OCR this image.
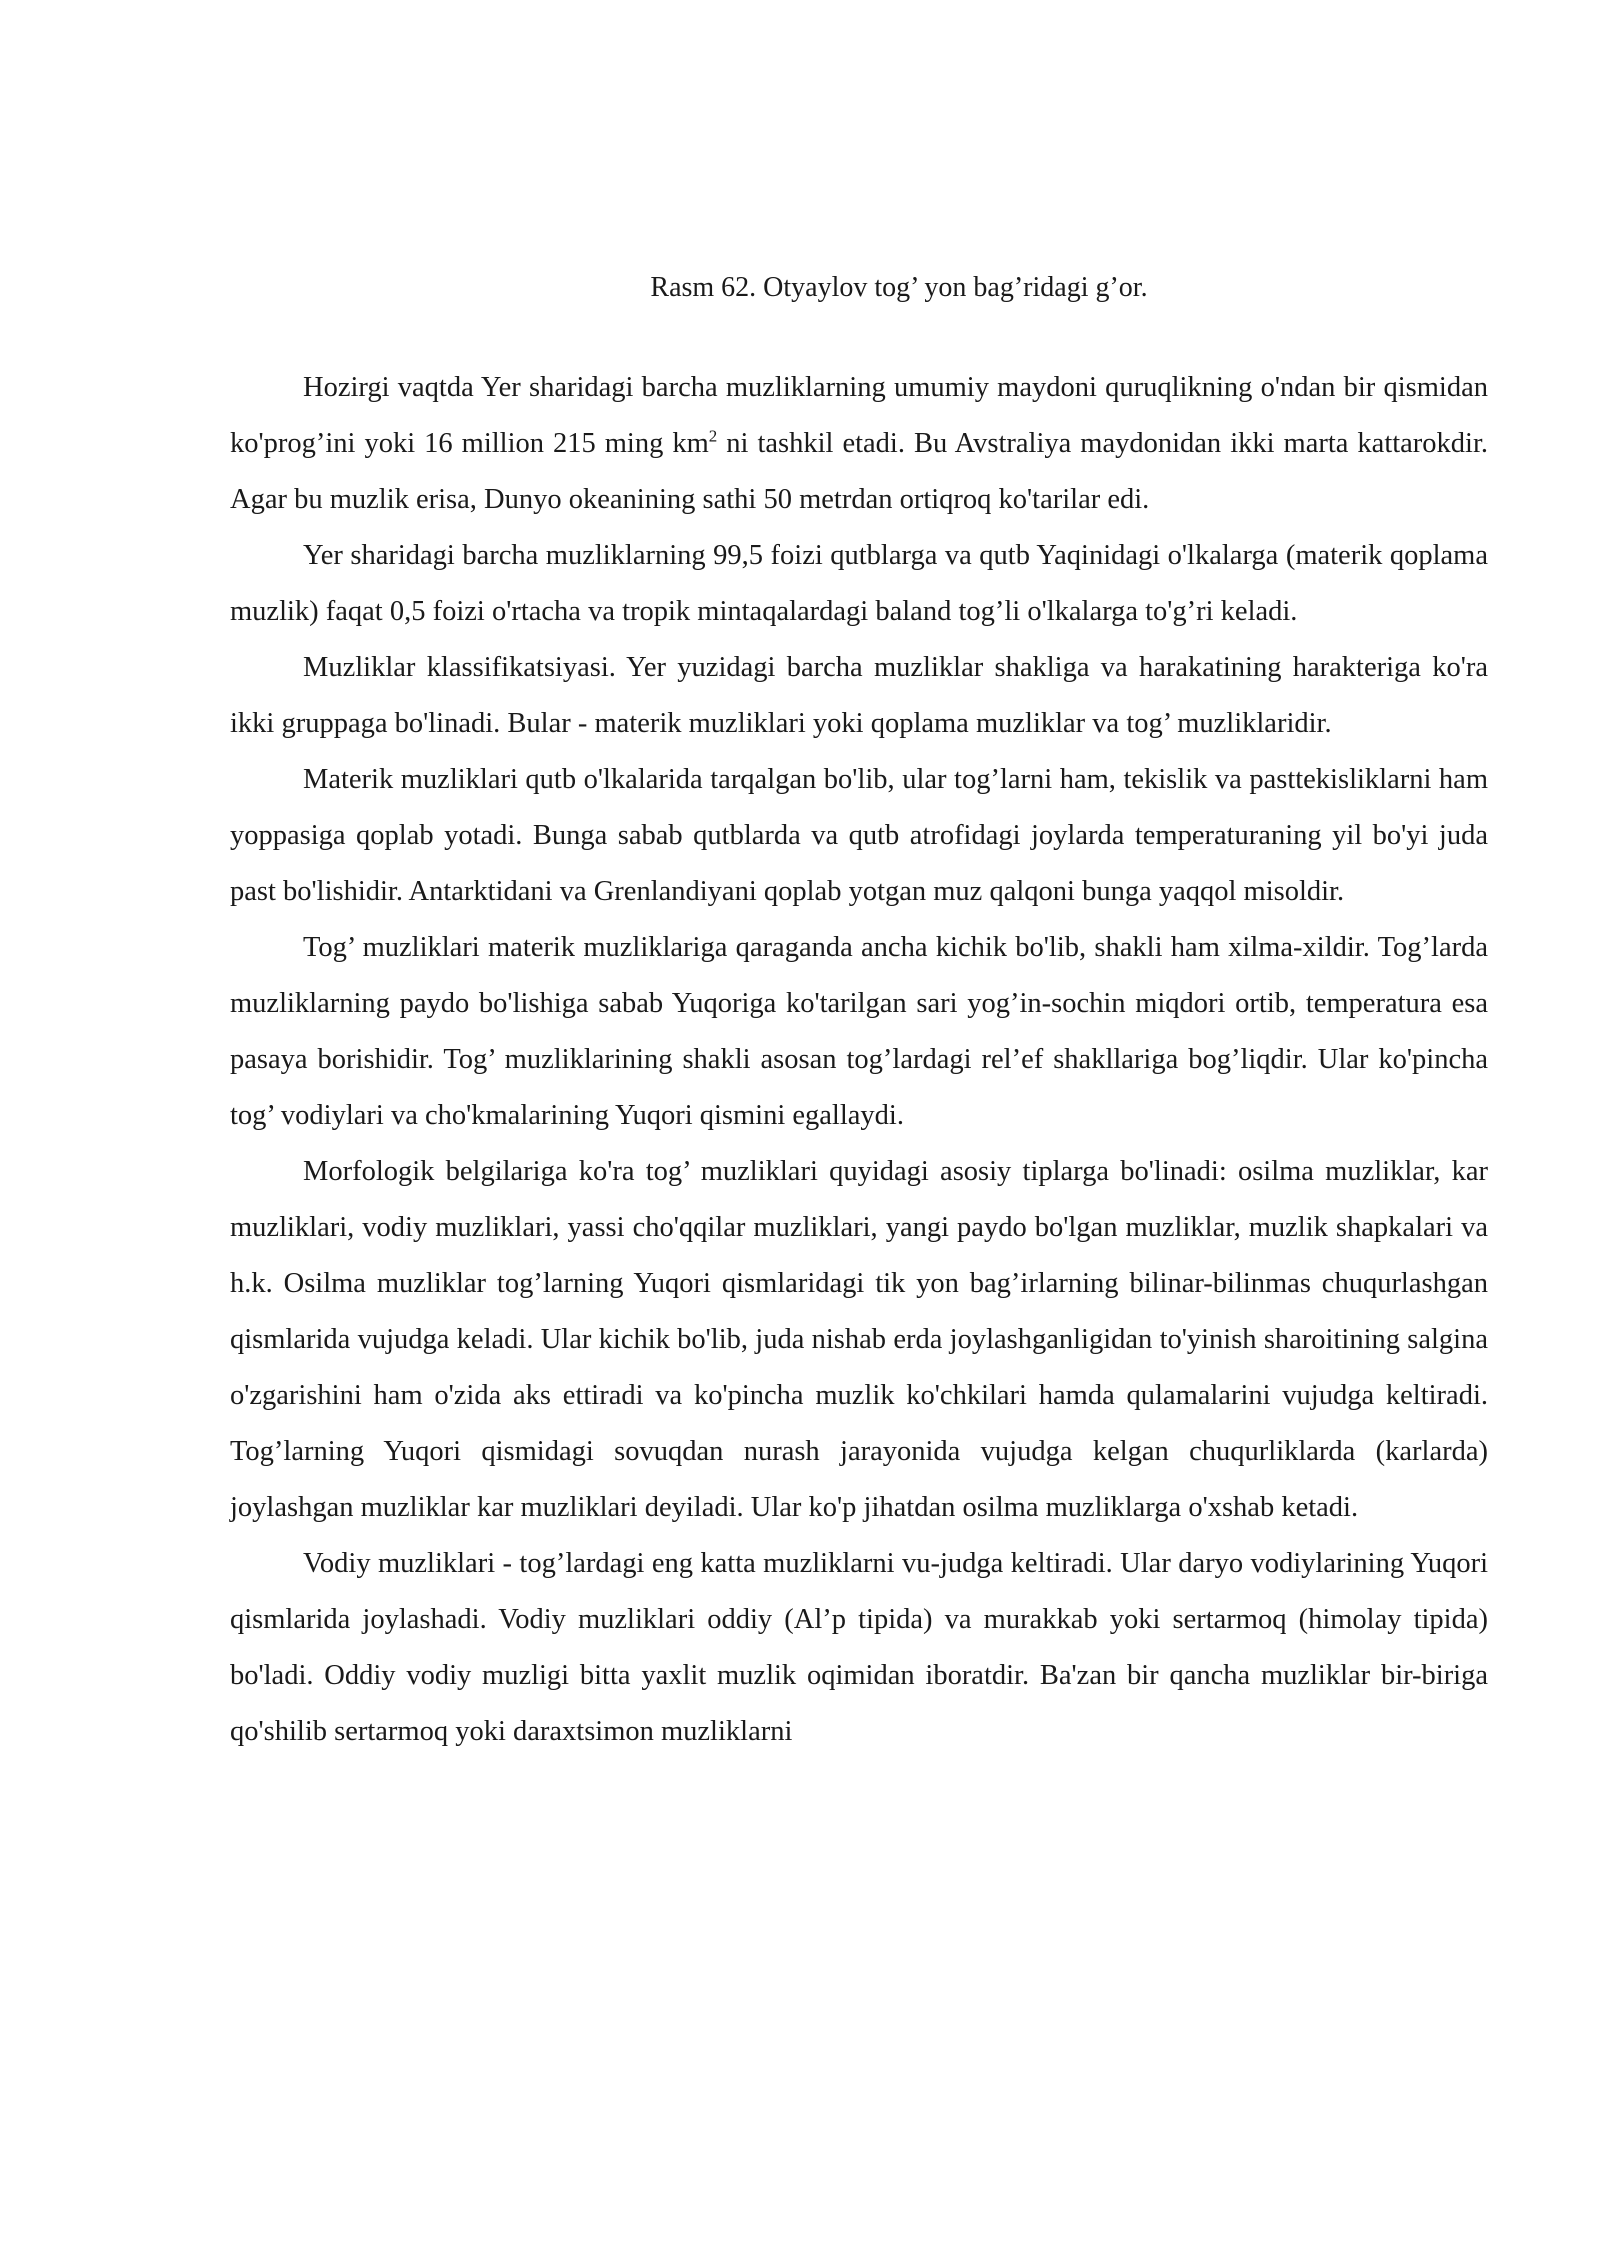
Rasm 62. Otyaylov tog’ yon bag’ridagi g’or.

Hozirgi vaqtda Yer sharidagi barcha muzliklarning umumiy maydoni quruqlikning o'ndan bir qismidan ko'prog’ini yoki 16 million 215 ming $km^2$ ni tashkil etadi. Bu Avstraliya maydonidan ikki marta kattarokdir. Agar bu muzlik erisa, Dunyo okeanining sathi 50 metrdan ortiqroq ko'tarilar edi.

Yer sharidagi barcha muzliklarning 99,5 foizi qutblarga va qutb Yaqinidagi o'lkalarga (materik qoplama muzlik) faqat 0,5 foizi o'rtacha va tropik mintaqalardagi baland tog’li o'lkalarga to'g’ri keladi.

Muzliklar klassifikatsiyasi. Yer yuzidagi barcha muzliklar shakliga va harakatining harakteriga ko'ra ikki gruppaga bo'linadi. Bular - materik muzliklari yoki qoplama muzliklar va tog’ muzliklaridir.

Materik muzliklari qutb o'lkalarida tarqalgan bo'lib, ular tog’larni ham, tekislik va pasttekisliklarni ham yoppasiga qoplab yotadi. Bunga sabab qutblarda va qutb atrofidagi joylarda temperaturaning yil bo'yi juda past bo'lishidir. Antarktidani va Grenlandiyani qoplab yotgan muz qalqoni bunga yaqqol misoldir.

Tog’ muzliklari materik muzliklariga qaraganda ancha kichik bo'lib, shakli ham xilma-xildir. Tog’larda muzliklarning paydo bo'lishiga sabab Yuqoriga ko'tarilgan sari yog’in-sochin miqdori ortib, temperatura esa pasaya borishidir. Tog’ muzliklarining shakli asosan tog’lardagi rel’ef shakllariga bog’liqdir. Ular ko'pincha tog’ vodiylari va cho'kmalarining Yuqori qismini egallaydi.

Morfologik belgilariga ko'ra tog’ muzliklari quyidagi asosiy tiplarga bo'linadi: osilma muzliklar, kar muzliklari, vodiy muzliklari, yassi cho'qqilar muzliklari, yangi paydo bo'lgan muzliklar, muzlik shapkalari va h.k. Osilma muzliklar tog’larning Yuqori qismlaridagi tik yon bag’irlarning bilinar-bilinmas chuqurlashgan qismlarida vujudga keladi. Ular kichik bo'lib, juda nishab erda joylashganligidan to'yinish sharoitining salgina o'zgarishini ham o'zida aks ettiradi va ko'pincha muzlik ko'chkilari hamda qulamalarini vujudga keltiradi. Tog’larning Yuqori qismidagi sovuqdan nurash jarayonida vujudga kelgan chuqurliklarda (karlarda) joylashgan muzliklar kar muzliklari deyiladi. Ular ko'p jihatdan osilma muzliklarga o'xshab ketadi.

Vodiy muzliklari - tog’lardagi eng katta muzliklarni vu-judga keltiradi. Ular daryo vodiylarining Yuqori qismlarida joylashadi. Vodiy muzliklari oddiy (Al’p tipida) va murakkab yoki sertarmoq (himolay tipida) bo'ladi. Oddiy vodiy muzligi bitta yaxlit muzlik oqimidan iboratdir. Ba'zan bir qancha muzliklar bir-biriga qo'shilib sertarmoq yoki daraxtsimon muzliklarni
